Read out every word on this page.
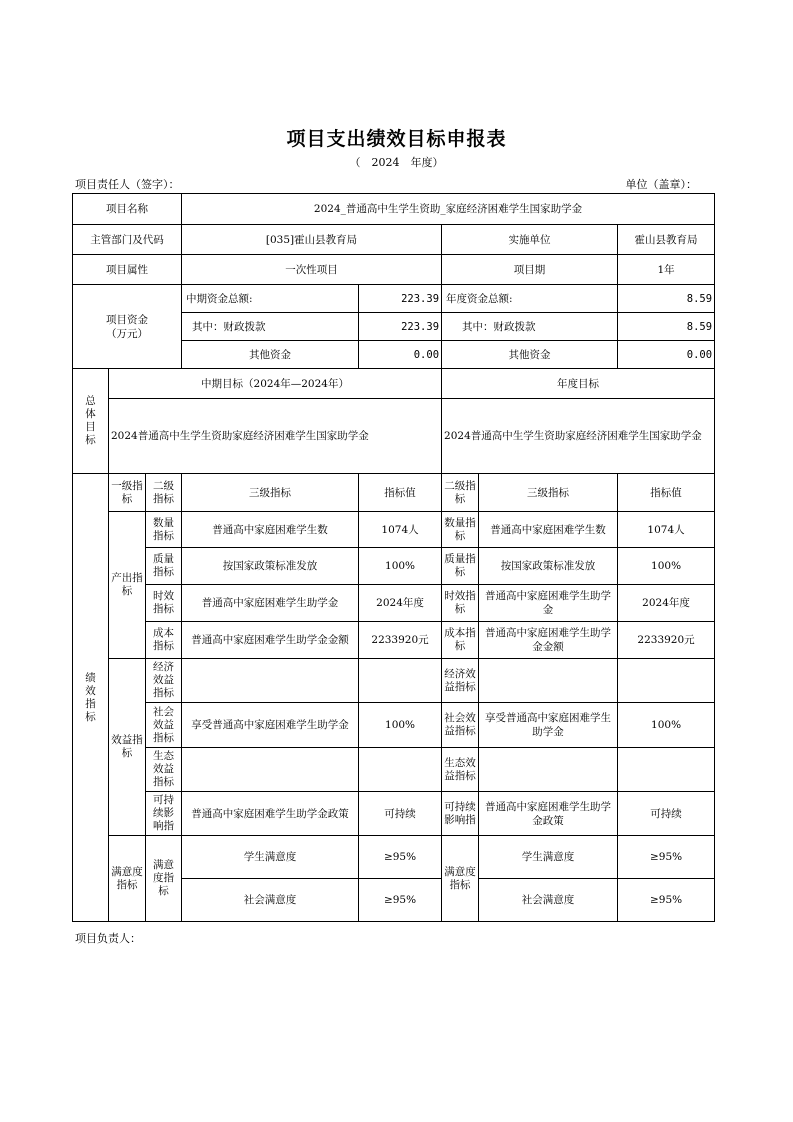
项目支出绩效目标申报表
（　2024　年度）
项目责任人（签字）：	单位（盖章）：
项目名称			2024_普通高中生学生资助_家庭经济困难学生国家助学金				
主管部门及代码			[035]霍山县教育局		实施单位		霍山县教育局
项目属性			一次性项目		项目期		1年
项目资金（万元）			中期资金总额:	223.39	年度资金总额:		8.59
			其中：财政拨款	223.39	其中：财政拨款		8.59
			其他资金	0.00	其他资金		0.00
总体目标	中期目标（2024年—2024年）				年度目标		
	2024普通高中生学生资助家庭经济困难学生国家助学金				2024普通高中生学生资助家庭经济困难学生国家助学金		
绩效指标	一级指标	二级指标	三级指标	指标值	二级指标	三级指标	指标值
	产出指标	数量指标	普通高中家庭困难学生数	1074人	数量指标	普通高中家庭困难学生数	1074人
		质量指标	按国家政策标准发放	100%	质量指标	按国家政策标准发放	100%
		时效指标	普通高中家庭困难学生助学金	2024年度	时效指标	普通高中家庭困难学生助学金	2024年度
		成本指标	普通高中家庭困难学生助学金金额	2233920元	成本指标	普通高中家庭困难学生助学金金额	2233920元
	效益指标	经济效益指标			经济效益指标		
		社会效益指标	享受普通高中家庭困难学生助学金	100%	社会效益指标	享受普通高中家庭困难学生助学金	100%
		生态效益指标			生态效益指标		
		可持续影响指	普通高中家庭困难学生助学金政策	可持续	可持续影响指	普通高中家庭困难学生助学金政策	可持续
	满意度指标	满意度指标	学生满意度	≥95%	满意度指标	学生满意度	≥95%
			社会满意度	≥95%		社会满意度	≥95%
项目负责人：
